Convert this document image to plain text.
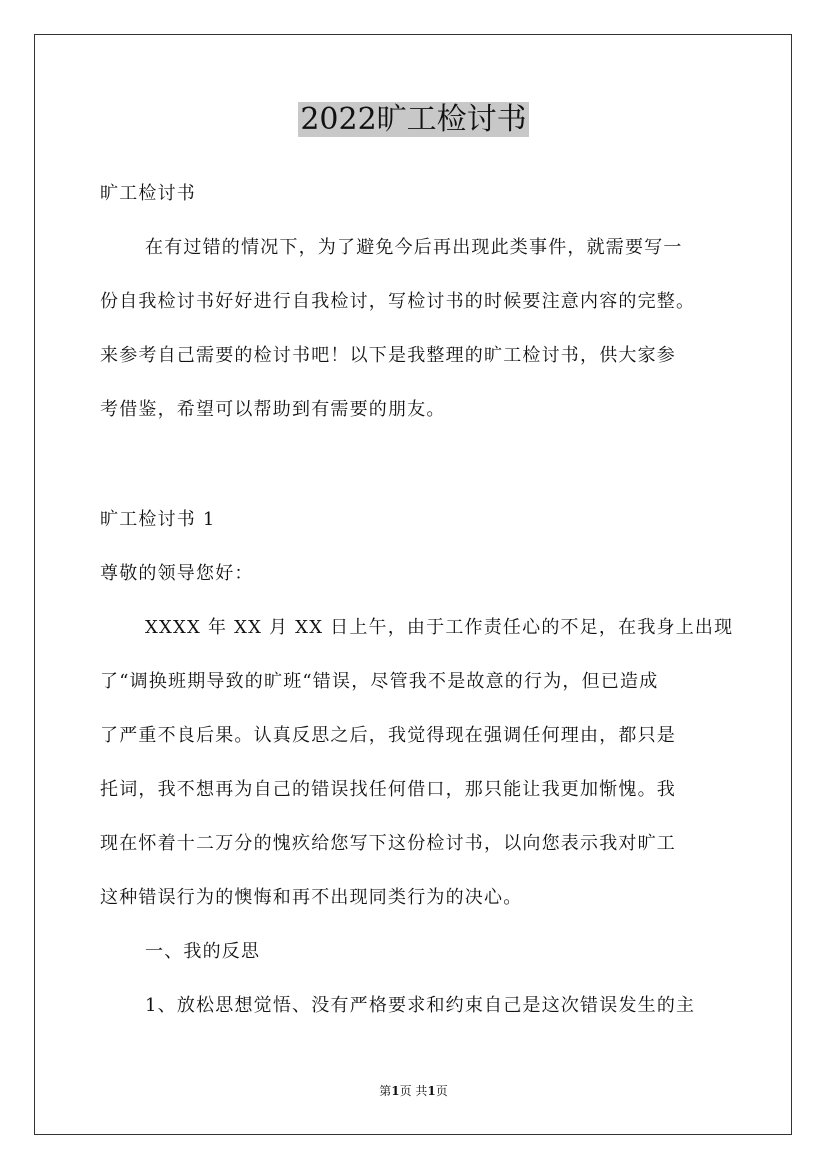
2022旷工检讨书
旷工检讨书
在有过错的情况下，为了避免今后再出现此类事件，就需要写一
份自我检讨书好好进行自我检讨，写检讨书的时候要注意内容的完整。
来参考自己需要的检讨书吧！以下是我整理的旷工检讨书，供大家参
考借鉴，希望可以帮助到有需要的朋友。
旷工检讨书 1
尊敬的领导您好：
XXXX 年 XX 月 XX 日上午，由于工作责任心的不足，在我身上出现
了“调换班期导致的旷班“错误，尽管我不是故意的行为，但已造成
了严重不良后果。认真反思之后，我觉得现在强调任何理由，都只是
托词，我不想再为自己的错误找任何借口，那只能让我更加惭愧。我
现在怀着十二万分的愧疚给您写下这份检讨书，以向您表示我对旷工
这种错误行为的懊悔和再不出现同类行为的决心。
一、我的反思
1、放松思想觉悟、没有严格要求和约束自己是这次错误发生的主
第1页 共1页
